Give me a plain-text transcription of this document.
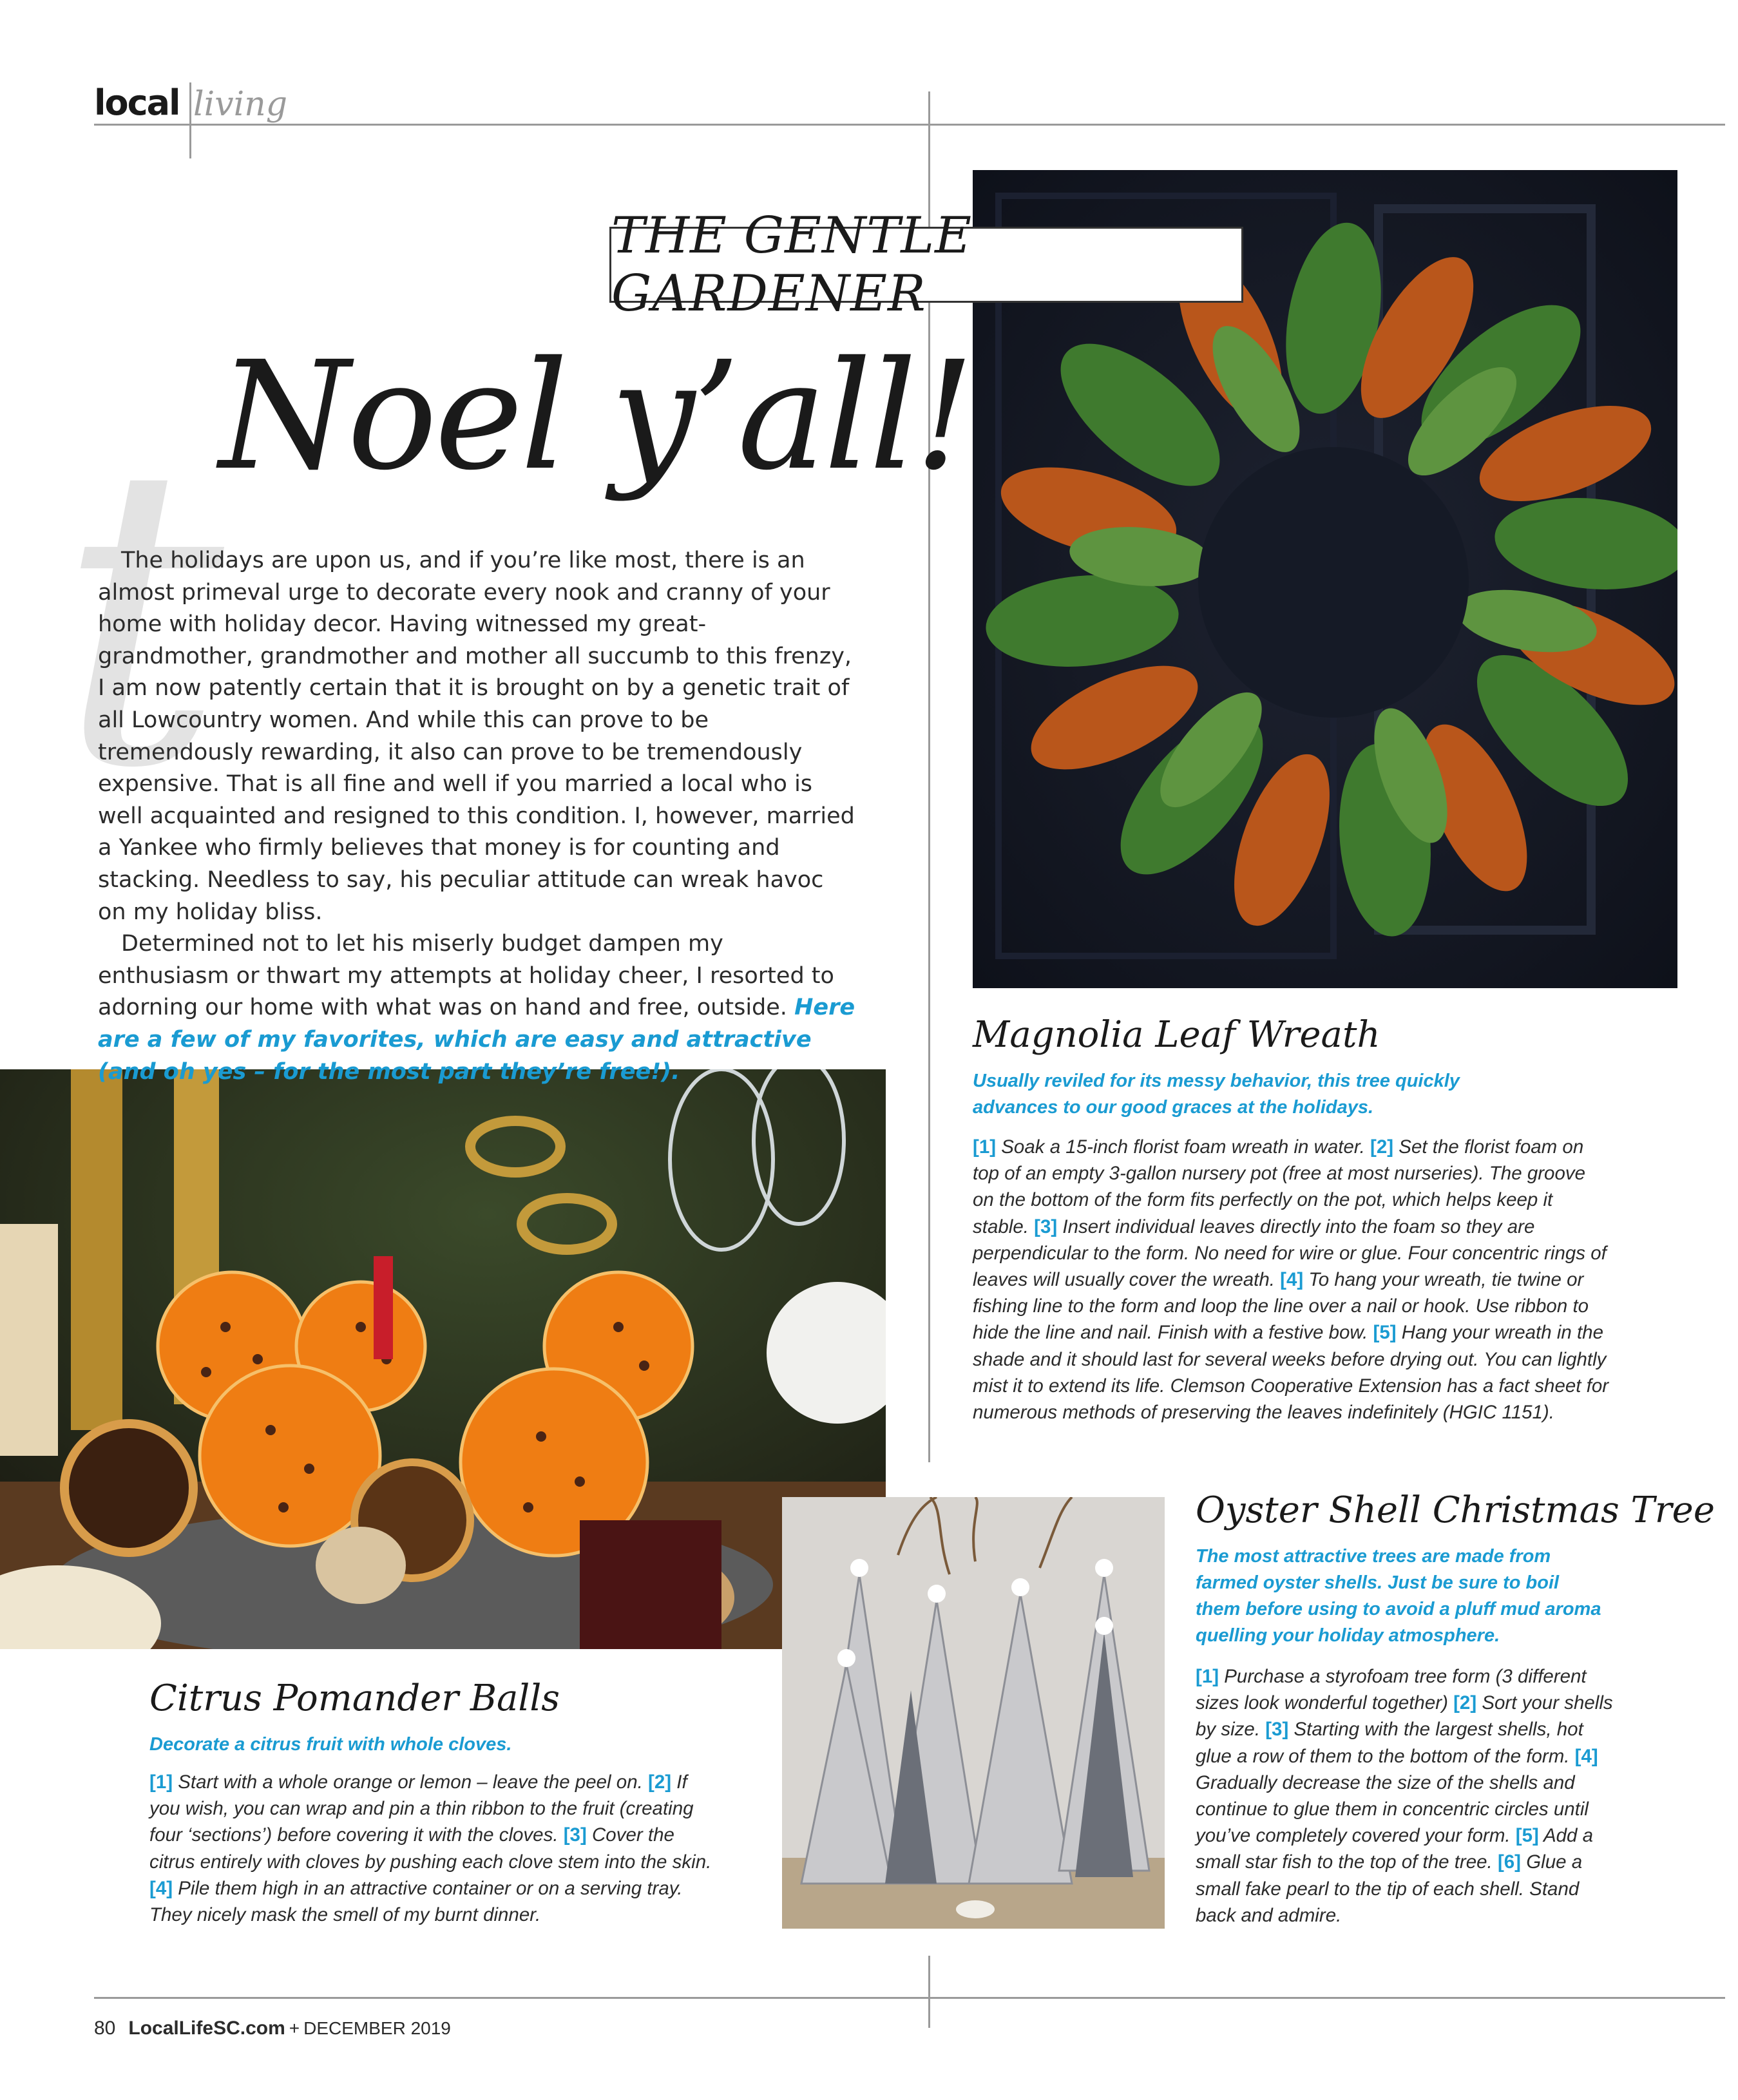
local living
THE GENTLE GARDENER
t
Noel y’all!

The holidays are upon us, and if you’re like most, there is an almost primeval urge to decorate every nook and cranny of your home with holiday decor. Having witnessed my great-grandmother, grandmother and mother all succumb to this frenzy, I am now patently certain that it is brought on by a genetic trait of all Lowcountry women. And while this can prove to be tremendously rewarding, it also can prove to be tremendously expensive. That is all fine and well if you married a local who is well acquainted and resigned to this condition. I, however, married a Yankee who firmly believes that money is for counting and stacking. Needless to say, his peculiar attitude can wreak havoc on my holiday bliss.

Determined not to let his miserly budget dampen my enthusiasm or thwart my attempts at holiday cheer, I resorted to adorning our home with what was on hand and free, outside. Here are a few of my favorites, which are easy and attractive (and oh yes – for the most part they’re free!).

Magnolia Leaf Wreath
Usually reviled for its messy behavior, this tree quickly advances to our good graces at the holidays.
[1] Soak a 15-inch florist foam wreath in water. [2] Set the florist foam on top of an empty 3-gallon nursery pot (free at most nurseries). The groove on the bottom of the form fits perfectly on the pot, which helps keep it stable. [3] Insert individual leaves directly into the foam so they are perpendicular to the form. No need for wire or glue. Four concentric rings of leaves will usually cover the wreath. [4] To hang your wreath, tie twine or fishing line to the form and loop the line over a nail or hook. Use ribbon to hide the line and nail. Finish with a festive bow. [5] Hang your wreath in the shade and it should last for several weeks before drying out. You can lightly mist it to extend its life. Clemson Cooperative Extension has a fact sheet for numerous methods of preserving the leaves indefinitely (HGIC 1151).
Oyster Shell Christmas Tree
The most attractive trees are made from farmed oyster shells. Just be sure to boil them before using to avoid a pluff mud aroma quelling your holiday atmosphere.
[1] Purchase a styrofoam tree form (3 different sizes look wonderful together) [2] Sort your shells by size. [3] Starting with the largest shells, hot glue a row of them to the bottom of the form. [4] Gradually decrease the size of the shells and continue to glue them in concentric circles until you’ve completely covered your form. [5] Add a small star fish to the top of the tree. [6] Glue a small fake pearl to the tip of each shell. Stand back and admire.
Citrus Pomander Balls
Decorate a citrus fruit with whole cloves.
[1] Start with a whole orange or lemon – leave the peel on. [2] If you wish, you can wrap and pin a thin ribbon to the fruit (creating four ‘sections’) before covering it with the cloves. [3] Cover the citrus entirely with cloves by pushing each clove stem into the skin. [4] Pile them high in an attractive container or on a serving tray. They nicely mask the smell of my burnt dinner.
80 LocalLifeSC.com + DECEMBER 2019
